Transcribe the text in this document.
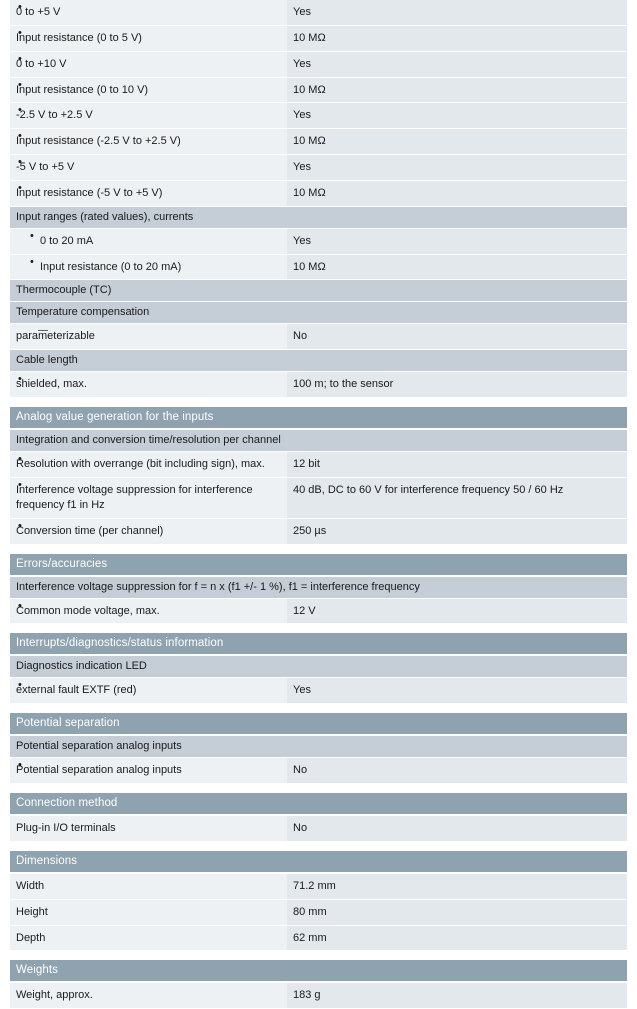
• 0 to +5 V	Yes
• Input resistance (0 to 5 V)	10 MΩ
• 0 to +10 V	Yes
• Input resistance (0 to 10 V)	10 MΩ
• -2.5 V to +2.5 V	Yes
• Input resistance (-2.5 V to +2.5 V)	10 MΩ
• -5 V to +5 V	Yes
• Input resistance (-5 V to +5 V)	10 MΩ
Input ranges (rated values), currents	
• 0 to 20 mA	Yes
• Input resistance (0 to 20 mA)	10 MΩ
Thermocouple (TC)	
Temperature compensation	
— parameterizable	No
Cable length	
• shielded, max.	100 m; to the sensor

Analog value generation for the inputs	
Integration and conversion time/resolution per channel	
• Resolution with overrange (bit including sign), max.	12 bit
• Interference voltage suppression for interference frequency f1 in Hz	40 dB, DC to 60 V for interference frequency 50 / 60 Hz
• Conversion time (per channel)	250 µs

Errors/accuracies	
Interference voltage suppression for f = n x (f1 +/- 1 %), f1 = interference frequency	
• Common mode voltage, max.	12 V

Interrupts/diagnostics/status information	
Diagnostics indication LED	
• external fault EXTF (red)	Yes

Potential separation	
Potential separation analog inputs	
• Potential separation analog inputs	No

Connection method	
Plug-in I/O terminals	No

Dimensions	
Width	71.2 mm
Height	80 mm
Depth	62 mm

Weights	
Weight, approx.	183 g
